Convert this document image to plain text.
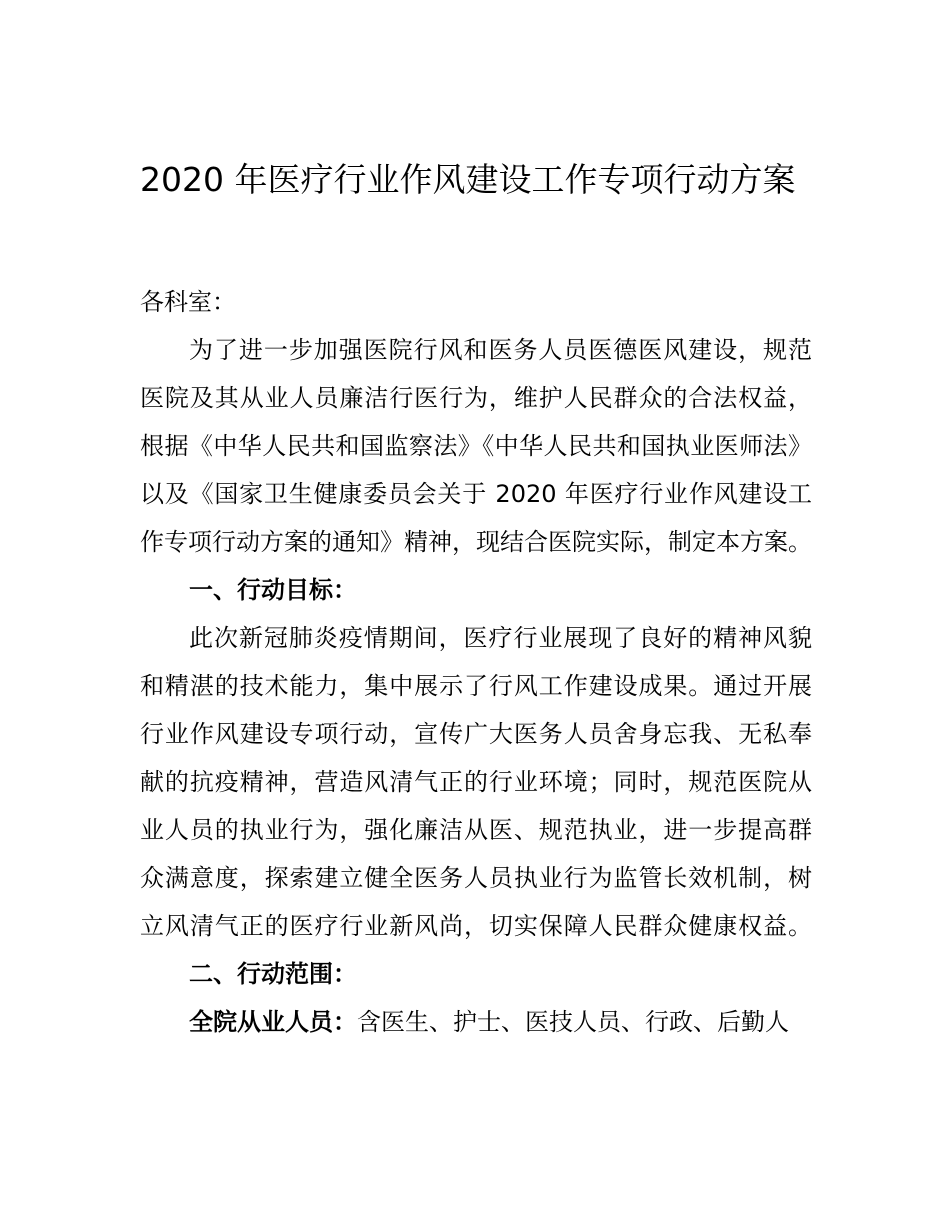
2020 年医疗行业作风建设工作专项行动方案
各科室：
为了进一步加强医院行风和医务人员医德医风建设，规范
医院及其从业人员廉洁行医行为，维护人民群众的合法权益，
根据《中华人民共和国监察法》《中华人民共和国执业医师法》
以及《国家卫生健康委员会关于 2020 年医疗行业作风建设工
作专项行动方案的通知》精神，现结合医院实际，制定本方案。
一、行动目标：
此次新冠肺炎疫情期间，医疗行业展现了良好的精神风貌
和精湛的技术能力，集中展示了行风工作建设成果。通过开展
行业作风建设专项行动，宣传广大医务人员舍身忘我、无私奉
献的抗疫精神，营造风清气正的行业环境；同时，规范医院从
业人员的执业行为，强化廉洁从医、规范执业，进一步提高群
众满意度，探索建立健全医务人员执业行为监管长效机制，树
立风清气正的医疗行业新风尚，切实保障人民群众健康权益。
二、行动范围：
全院从业人员：含医生、护士、医技人员、行政、后勤人
